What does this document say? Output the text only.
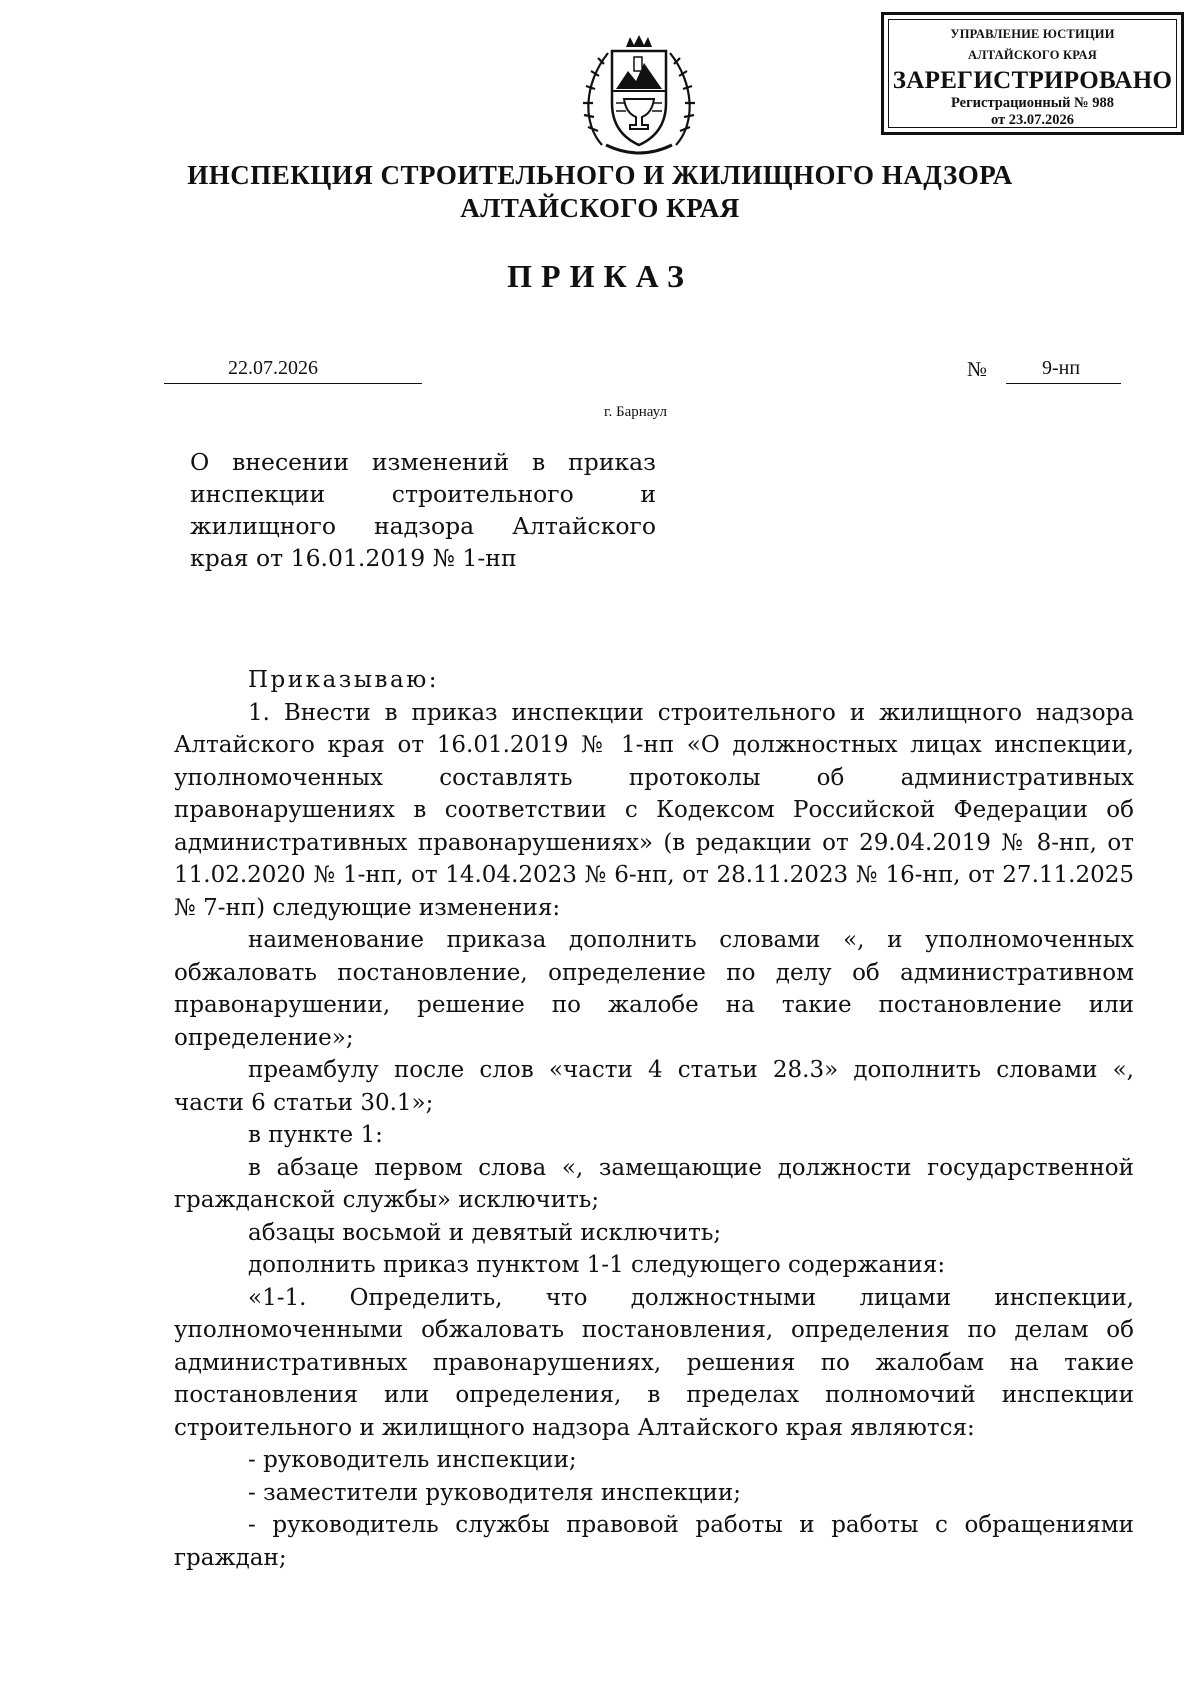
УПРАВЛЕНИЕ ЮСТИЦИИ
АЛТАЙСКОГО КРАЯ
ЗАРЕГИСТРИРОВАНО
Регистрационный № 988
от 23.07.2026
ИНСПЕКЦИЯ СТРОИТЕЛЬНОГО И ЖИЛИЩНОГО НАДЗОРА
АЛТАЙСКОГО КРАЯ
ПРИКАЗ
22.07.2026	№	9-нп
г. Барнаул
О внесении изменений в приказ инспекции строительного и жилищного надзора Алтайского края от 16.01.2019 № 1-нп

Приказываю:

1. Внести в приказ инспекции строительного и жилищного надзора Алтайского края от 16.01.2019 № 1-нп «О должностных лицах инспекции, уполномоченных составлять протоколы об административных правонарушениях в соответствии с Кодексом Российской Федерации об административных правонарушениях» (в редакции от 29.04.2019 № 8-нп, от 11.02.2020 № 1-нп, от 14.04.2023 № 6-нп, от 28.11.2023 № 16-нп, от 27.11.2025 № 7-нп) следующие изменения:

наименование приказа дополнить словами «, и уполномоченных обжаловать постановление, определение по делу об административном правонарушении, решение по жалобе на такие постановление или определение»;

преамбулу после слов «части 4 статьи 28.3» дополнить словами «, части 6 статьи 30.1»;

в пункте 1:

в абзаце первом слова «, замещающие должности государственной гражданской службы» исключить;

абзацы восьмой и девятый исключить;

дополнить приказ пунктом 1-1 следующего содержания:

«1-1. Определить, что должностными лицами инспекции, уполномоченными обжаловать постановления, определения по делам об административных правонарушениях, решения по жалобам на такие постановления или определения, в пределах полномочий инспекции строительного и жилищного надзора Алтайского края являются:

- руководитель инспекции;

- заместители руководителя инспекции;

- руководитель службы правовой работы и работы с обращениями граждан;
